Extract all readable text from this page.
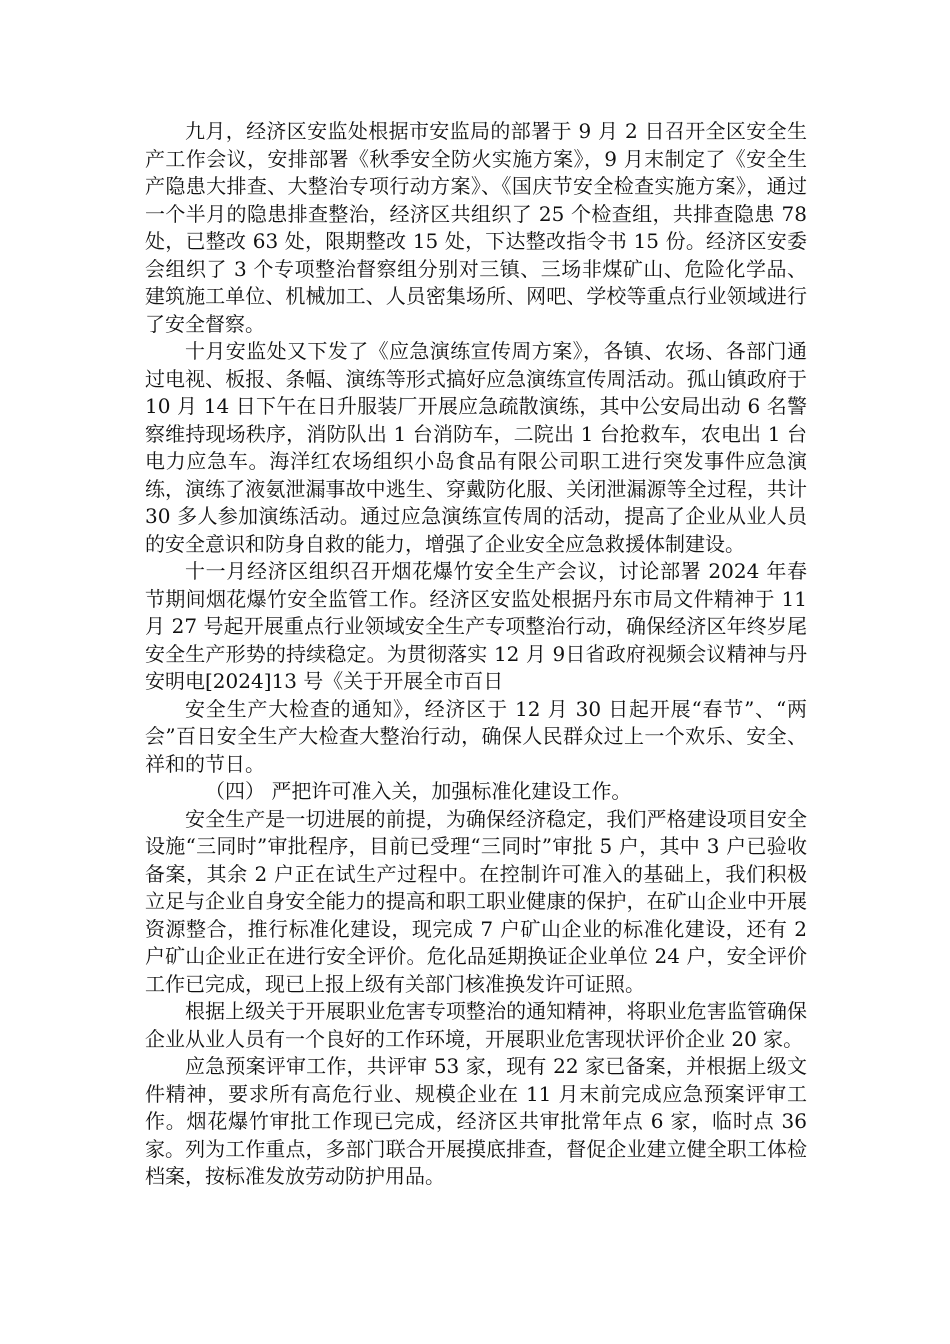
九月，经济区安监处根据市安监局的部署于 9 月 2 日召开全区安全生产工作会议，安排部署《秋季安全防火实施方案》，9 月末制定了《安全生产隐患大排查、大整治专项行动方案》、《国庆节安全检查实施方案》，通过一个半月的隐患排查整治，经济区共组织了 25 个检查组，共排查隐患 78 处，已整改 63 处，限期整改 15 处，下达整改指令书 15 份。经济区安委会组织了 3 个专项整治督察组分别对三镇、三场非煤矿山、危险化学品、建筑施工单位、机械加工、人员密集场所、网吧、学校等重点行业领域进行了安全督察。

十月安监处又下发了《应急演练宣传周方案》，各镇、农场、各部门通过电视、板报、条幅、演练等形式搞好应急演练宣传周活动。孤山镇政府于 10 月 14 日下午在日升服装厂开展应急疏散演练，其中公安局出动 6 名警察维持现场秩序，消防队出 1 台消防车，二院出 1 台抢救车，农电出 1 台电力应急车。海洋红农场组织小岛食品有限公司职工进行突发事件应急演练，演练了液氨泄漏事故中逃生、穿戴防化服、关闭泄漏源等全过程，共计 30 多人参加演练活动。通过应急演练宣传周的活动，提高了企业从业人员的安全意识和防身自救的能力，增强了企业安全应急救援体制建设。

十一月经济区组织召开烟花爆竹安全生产会议，讨论部署 2024 年春节期间烟花爆竹安全监管工作。经济区安监处根据丹东市局文件精神于 11 月 27 号起开展重点行业领域安全生产专项整治行动，确保经济区年终岁尾安全生产形势的持续稳定。为贯彻落实 12 月 9日省政府视频会议精神与丹安明电[2024]13 号《关于开展全市百日

安全生产大检查的通知》，经济区于 12 月 30 日起开展“春节”、“两会”百日安全生产大检查大整治行动，确保人民群众过上一个欢乐、安全、祥和的节日。

（四） 严把许可准入关，加强标准化建设工作。

安全生产是一切进展的前提，为确保经济稳定，我们严格建设项目安全设施“三同时”审批程序，目前已受理“三同时”审批 5 户，其中 3 户已验收备案，其余 2 户正在试生产过程中。在控制许可准入的基础上，我们积极立足与企业自身安全能力的提高和职工职业健康的保护，在矿山企业中开展资源整合，推行标准化建设，现完成 7 户矿山企业的标准化建设，还有 2 户矿山企业正在进行安全评价。危化品延期换证企业单位 24 户，安全评价工作已完成，现已上报上级有关部门核准换发许可证照。

根据上级关于开展职业危害专项整治的通知精神，将职业危害监管确保企业从业人员有一个良好的工作环境，开展职业危害现状评价企业 20 家。

应急预案评审工作，共评审 53 家，现有 22 家已备案，并根据上级文件精神，要求所有高危行业、规模企业在 11 月末前完成应急预案评审工作。烟花爆竹审批工作现已完成，经济区共审批常年点 6 家，临时点 36 家。列为工作重点，多部门联合开展摸底排查，督促企业建立健全职工体检档案，按标准发放劳动防护用品。
